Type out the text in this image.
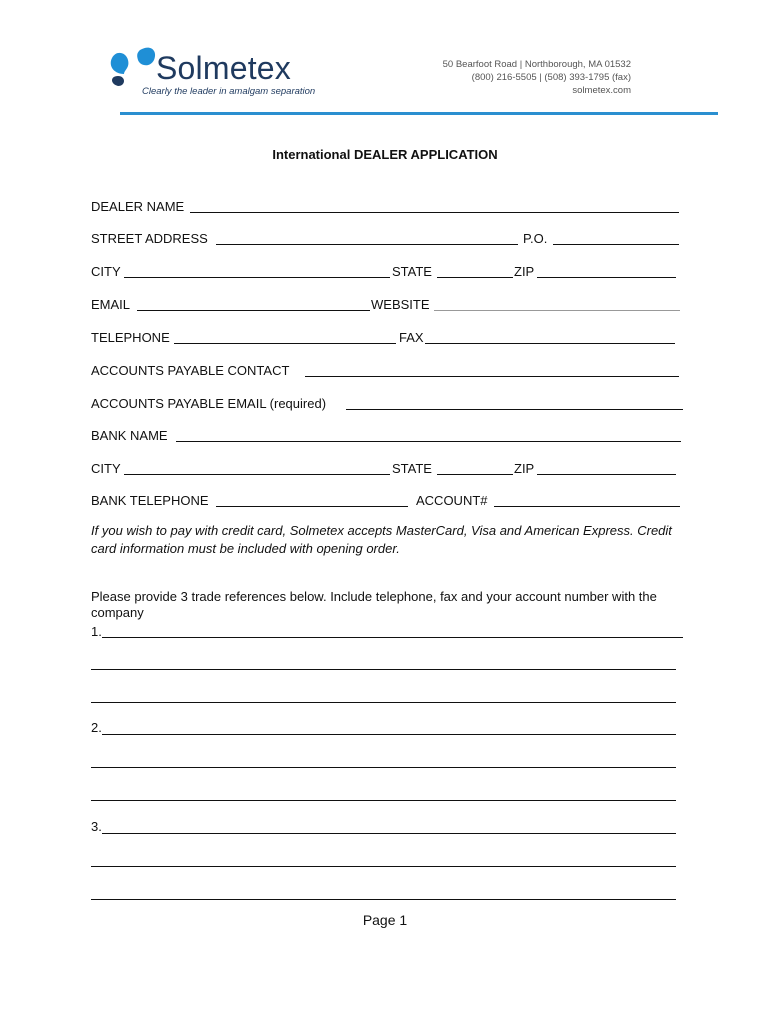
Solmetex
Clearly the leader in amalgam separation
50 Bearfoot Road | Northborough, MA 01532
(800) 216-5505 | (508) 393-1795 (fax)
solmetex.com
International DEALER APPLICATION
DEALER NAME
STREET ADDRESS	P.O.
CITY	STATE	ZIP
EMAIL	WEBSITE
TELEPHONE	FAX
ACCOUNTS PAYABLE CONTACT
ACCOUNTS PAYABLE EMAIL (required)
BANK NAME
CITY	STATE	ZIP
BANK TELEPHONE	ACCOUNT#
If you wish to pay with credit card, Solmetex accepts MasterCard, Visa and American Express. Credit card information must be included with opening order.
Please provide 3 trade references below. Include telephone, fax and your account number with the company
1.
2.
3.
Page 1
